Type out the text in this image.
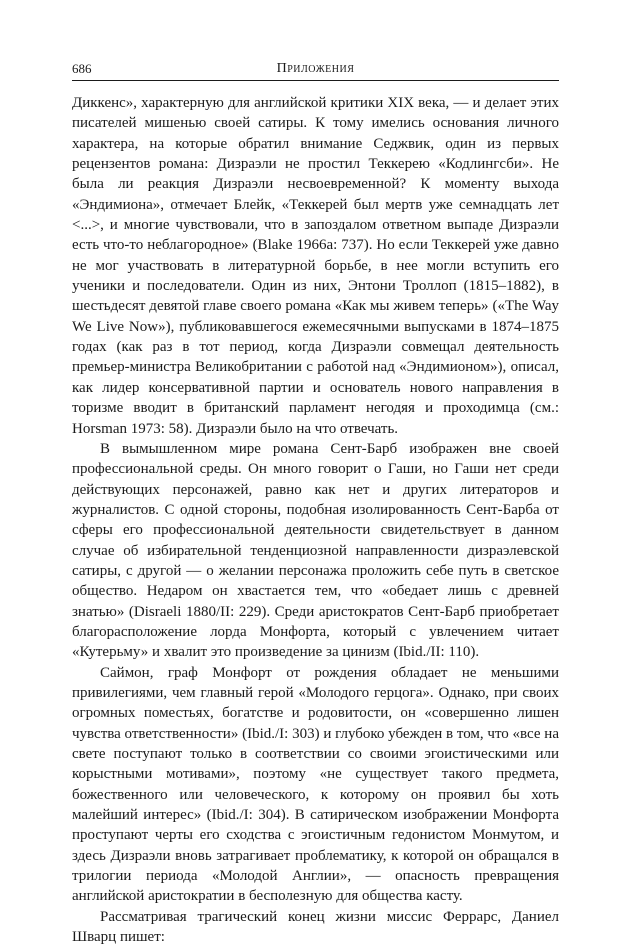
686	Приложения

Диккенс», характерную для английской критики XIX века, — и делает этих писателей мишенью своей сатиры. К тому имелись основания личного характера, на которые обратил внимание Седжвик, один из первых рецензентов романа: Дизраэли не простил Теккерею «Кодлингсби». Не была ли реакция Дизраэли несвоевременной? К моменту выхода «Эндимиона», отмечает Блейк, «Теккерей был мертв уже семнадцать лет <...>, и многие чувствовали, что в запоздалом ответном выпаде Дизраэли есть что-то неблагородное» (Blake 1966a: 737). Но если Теккерей уже давно не мог участвовать в литературной борьбе, в нее могли вступить его ученики и последователи. Один из них, Энтони Троллоп (1815–1882), в шестьдесят девятой главе своего романа «Как мы живем теперь» («The Way We Live Now»), публиковавшегося ежемесячными выпусками в 1874–1875 годах (как раз в тот период, когда Дизраэли совмещал деятельность премьер-министра Великобритании с работой над «Эндимионом»), описал, как лидер консервативной партии и основатель нового направления в торизме вводит в британский парламент негодяя и проходимца (см.: Horsman 1973: 58). Дизраэли было на что отвечать.

В вымышленном мире романа Сент-Барб изображен вне своей профессиональной среды. Он много говорит о Гаши, но Гаши нет среди действующих персонажей, равно как нет и других литераторов и журналистов. С одной стороны, подобная изолированность Сент-Барба от сферы его профессиональной деятельности свидетельствует в данном случае об избирательной тенденциозной направленности дизраэлевской сатиры, с другой — о желании персонажа проложить себе путь в светское общество. Недаром он хвастается тем, что «обедает лишь с древней знатью» (Disraeli 1880/II: 229). Среди аристократов Сент-Барб приобретает благорасположение лорда Монфорта, который с увлечением читает «Кутерьму» и хвалит это произведение за цинизм (Ibid./II: 110).

Саймон, граф Монфорт от рождения обладает не меньшими привилегиями, чем главный герой «Молодого герцога». Однако, при своих огромных поместьях, богатстве и родовитости, он «совершенно лишен чувства ответственности» (Ibid./I: 303) и глубоко убежден в том, что «все на свете поступают только в соответствии со своими эгоистическими или корыстными мотивами», поэтому «не существует такого предмета, божественного или человеческого, к которому он проявил бы хоть малейший интерес» (Ibid./I: 304). В сатирическом изображении Монфорта проступают черты его сходства с эгоистичным гедонистом Монмутом, и здесь Дизраэли вновь затрагивает проблематику, к которой он обращался в трилогии периода «Молодой Англии», — опасность превращения английской аристократии в бесполезную для общества касту.

Рассматривая трагический конец жизни миссис Феррарс, Даниел Шварц пишет:
